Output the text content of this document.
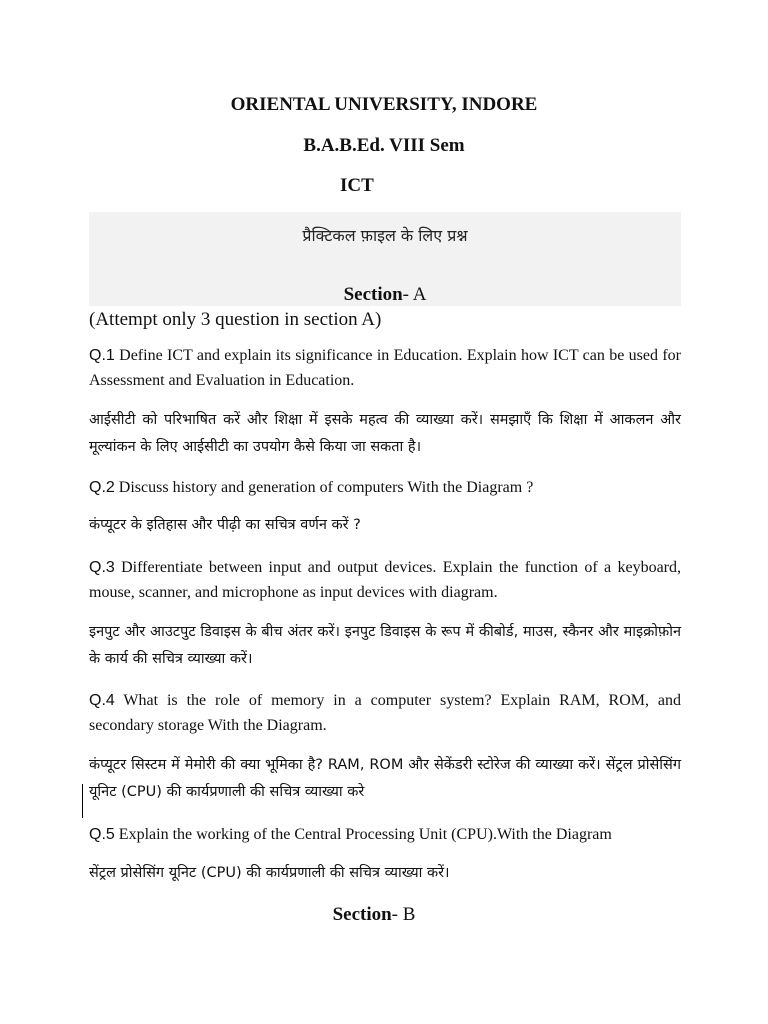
ORIENTAL UNIVERSITY, INDORE
B.A.B.Ed. VIII Sem
ICT
प्रैक्टिकल फ़ाइल के लिए प्रश्न
Section- A
(Attempt only 3 question in section A)
Q.1 Define ICT and explain its significance in Education. Explain how ICT can be used for Assessment and Evaluation in Education.
आईसीटी को परिभाषित करें और शिक्षा में इसके महत्व की व्याख्या करें। समझाएँ कि शिक्षा में आकलन और मूल्यांकन के लिए आईसीटी का उपयोग कैसे किया जा सकता है।
Q.2 Discuss history and generation of computers With the Diagram ?
कंप्यूटर के इतिहास और पीढ़ी का सचित्र वर्णन करें ?
Q.3 Differentiate between input and output devices. Explain the function of a keyboard, mouse, scanner, and microphone as input devices with diagram.
इनपुट और आउटपुट डिवाइस के बीच अंतर करें। इनपुट डिवाइस के रूप में कीबोर्ड, माउस, स्कैनर और माइक्रोफ़ोन के कार्य की सचित्र व्याख्या करें।
Q.4 What is the role of memory in a computer system? Explain RAM, ROM, and secondary storage With the Diagram.
कंप्यूटर सिस्टम में मेमोरी की क्या भूमिका है? RAM, ROM और सेकेंडरी स्टोरेज की व्याख्या करें। सेंट्रल प्रोसेसिंग यूनिट (CPU) की कार्यप्रणाली की सचित्र व्याख्या करे
Q.5 Explain the working of the Central Processing Unit (CPU).With the Diagram
सेंट्रल प्रोसेसिंग यूनिट (CPU) की कार्यप्रणाली की सचित्र व्याख्या करें।
Section- B
